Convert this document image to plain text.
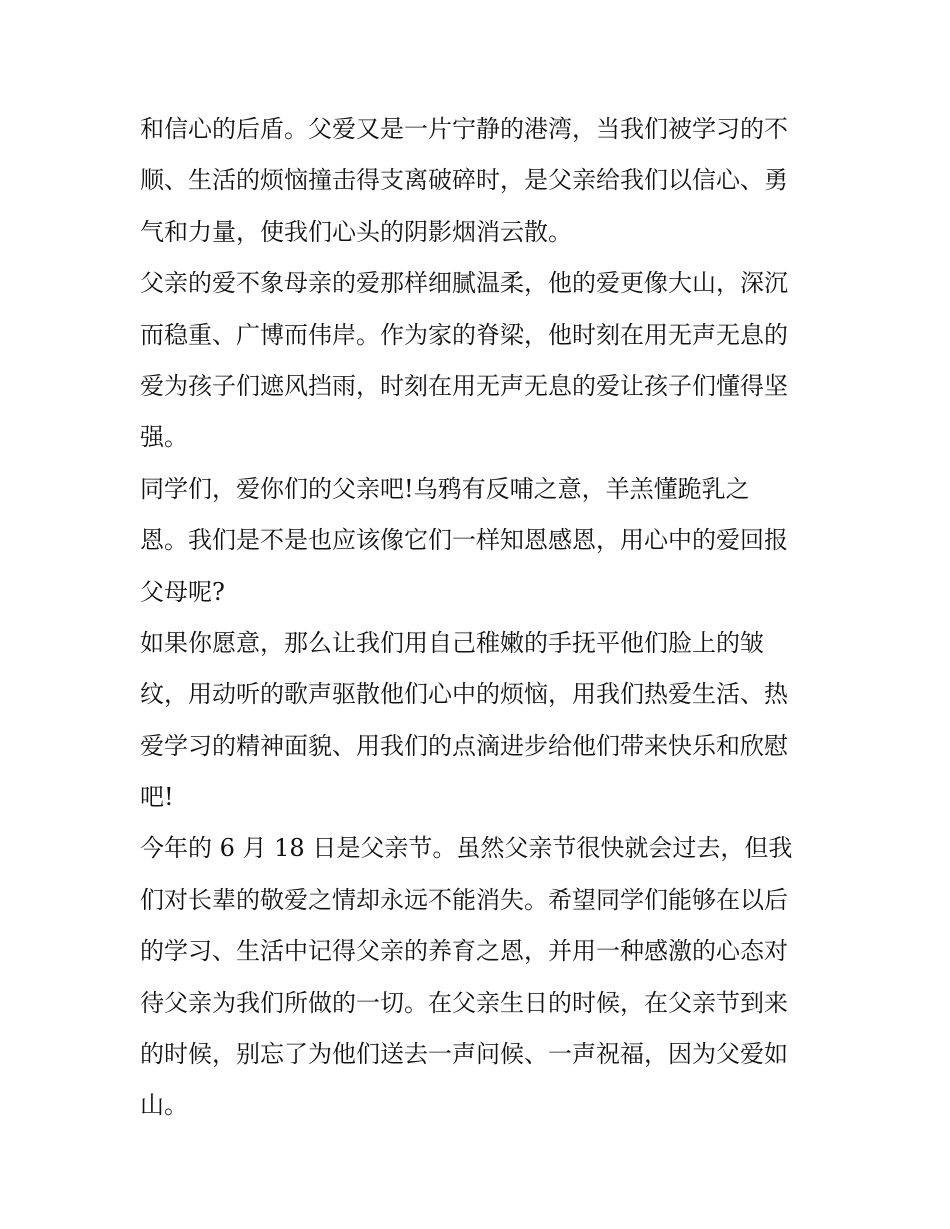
和信心的后盾。父爱又是一片宁静的港湾，当我们被学习的不
顺、生活的烦恼撞击得支离破碎时，是父亲给我们以信心、勇
气和力量，使我们心头的阴影烟消云散。
父亲的爱不象母亲的爱那样细腻温柔，他的爱更像大山，深沉
而稳重、广博而伟岸。作为家的脊梁，他时刻在用无声无息的
爱为孩子们遮风挡雨，时刻在用无声无息的爱让孩子们懂得坚
强。
同学们，爱你们的父亲吧!乌鸦有反哺之意，羊羔懂跪乳之
恩。我们是不是也应该像它们一样知恩感恩，用心中的爱回报
父母呢?
如果你愿意，那么让我们用自己稚嫩的手抚平他们脸上的皱
纹，用动听的歌声驱散他们心中的烦恼，用我们热爱生活、热
爱学习的精神面貌、用我们的点滴进步给他们带来快乐和欣慰
吧!
今年的 6 月 18 日是父亲节。虽然父亲节很快就会过去，但我
们对长辈的敬爱之情却永远不能消失。希望同学们能够在以后
的学习、生活中记得父亲的养育之恩，并用一种感激的心态对
待父亲为我们所做的一切。在父亲生日的时候，在父亲节到来
的时候，别忘了为他们送去一声问候、一声祝福，因为父爱如
山。
